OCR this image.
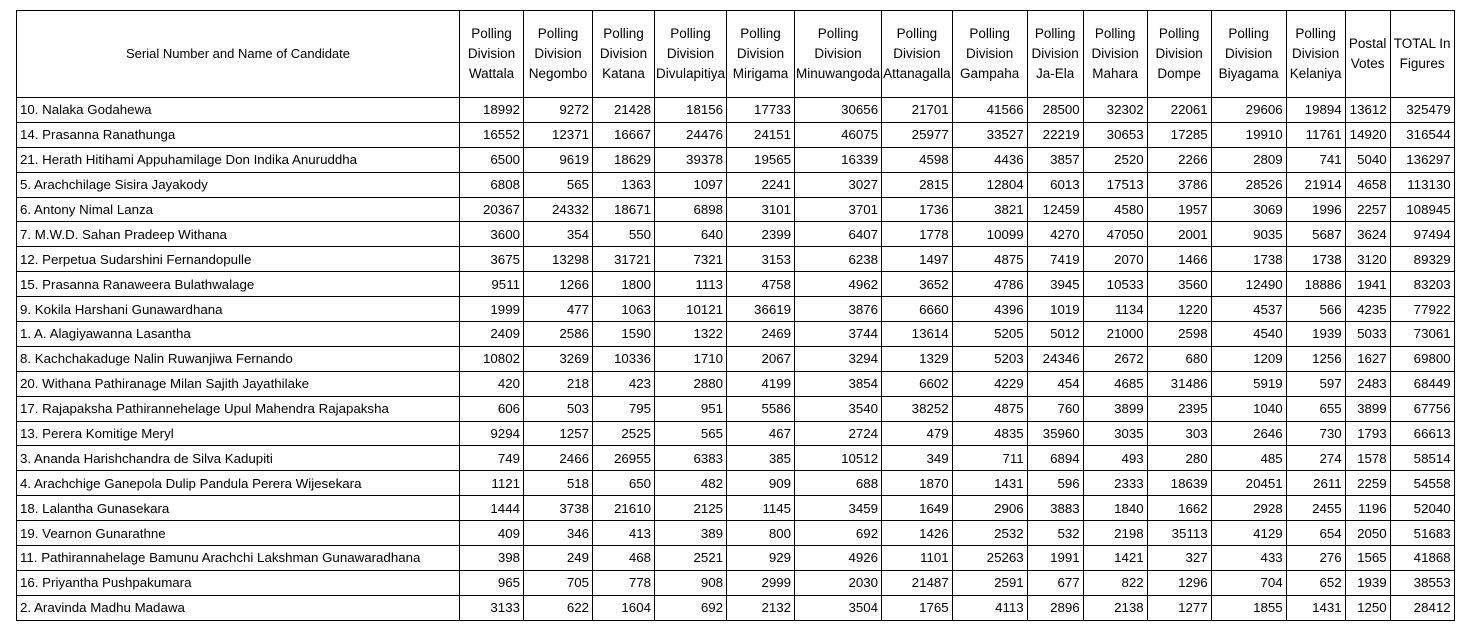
Serial Number and Name of Candidate	Polling Division Wattala	Polling Division Negombo	Polling Division Katana	Polling Division Divulapitiya	Polling Division Mirigama	Polling Division Minuwangoda	Polling Division Attanagalla	Polling Division Gampaha	Polling Division Ja-Ela	Polling Division Mahara	Polling Division Dompe	Polling Division Biyagama	Polling Division Kelaniya	Postal Votes	TOTAL In Figures
10. Nalaka Godahewa	18992	9272	21428	18156	17733	30656	21701	41566	28500	32302	22061	29606	19894	13612	325479
14. Prasanna Ranathunga	16552	12371	16667	24476	24151	46075	25977	33527	22219	30653	17285	19910	11761	14920	316544
21. Herath Hitihami Appuhamilage Don Indika Anuruddha	6500	9619	18629	39378	19565	16339	4598	4436	3857	2520	2266	2809	741	5040	136297
5. Arachchilage Sisira Jayakody	6808	565	1363	1097	2241	3027	2815	12804	6013	17513	3786	28526	21914	4658	113130
6. Antony Nimal Lanza	20367	24332	18671	6898	3101	3701	1736	3821	12459	4580	1957	3069	1996	2257	108945
7. M.W.D. Sahan Pradeep Withana	3600	354	550	640	2399	6407	1778	10099	4270	47050	2001	9035	5687	3624	97494
12. Perpetua Sudarshini Fernandopulle	3675	13298	31721	7321	3153	6238	1497	4875	7419	2070	1466	1738	1738	3120	89329
15. Prasanna Ranaweera Bulathwalage	9511	1266	1800	1113	4758	4962	3652	4786	3945	10533	3560	12490	18886	1941	83203
9. Kokila Harshani Gunawardhana	1999	477	1063	10121	36619	3876	6660	4396	1019	1134	1220	4537	566	4235	77922
1. A. Alagiyawanna Lasantha	2409	2586	1590	1322	2469	3744	13614	5205	5012	21000	2598	4540	1939	5033	73061
8. Kachchakaduge Nalin Ruwanjiwa Fernando	10802	3269	10336	1710	2067	3294	1329	5203	24346	2672	680	1209	1256	1627	69800
20. Withana Pathiranage Milan Sajith Jayathilake	420	218	423	2880	4199	3854	6602	4229	454	4685	31486	5919	597	2483	68449
17. Rajapaksha Pathirannehelage Upul Mahendra Rajapaksha	606	503	795	951	5586	3540	38252	4875	760	3899	2395	1040	655	3899	67756
13. Perera Komitige Meryl	9294	1257	2525	565	467	2724	479	4835	35960	3035	303	2646	730	1793	66613
3. Ananda Harishchandra de Silva Kadupiti	749	2466	26955	6383	385	10512	349	711	6894	493	280	485	274	1578	58514
4. Arachchige Ganepola Dulip Pandula Perera Wijesekara	1121	518	650	482	909	688	1870	1431	596	2333	18639	20451	2611	2259	54558
18. Lalantha Gunasekara	1444	3738	21610	2125	1145	3459	1649	2906	3883	1840	1662	2928	2455	1196	52040
19. Vearnon Gunarathne	409	346	413	389	800	692	1426	2532	532	2198	35113	4129	654	2050	51683
11. Pathirannahelage Bamunu Arachchi Lakshman Gunawaradhana	398	249	468	2521	929	4926	1101	25263	1991	1421	327	433	276	1565	41868
16. Priyantha Pushpakumara	965	705	778	908	2999	2030	21487	2591	677	822	1296	704	652	1939	38553
2. Aravinda Madhu Madawa	3133	622	1604	692	2132	3504	1765	4113	2896	2138	1277	1855	1431	1250	28412
